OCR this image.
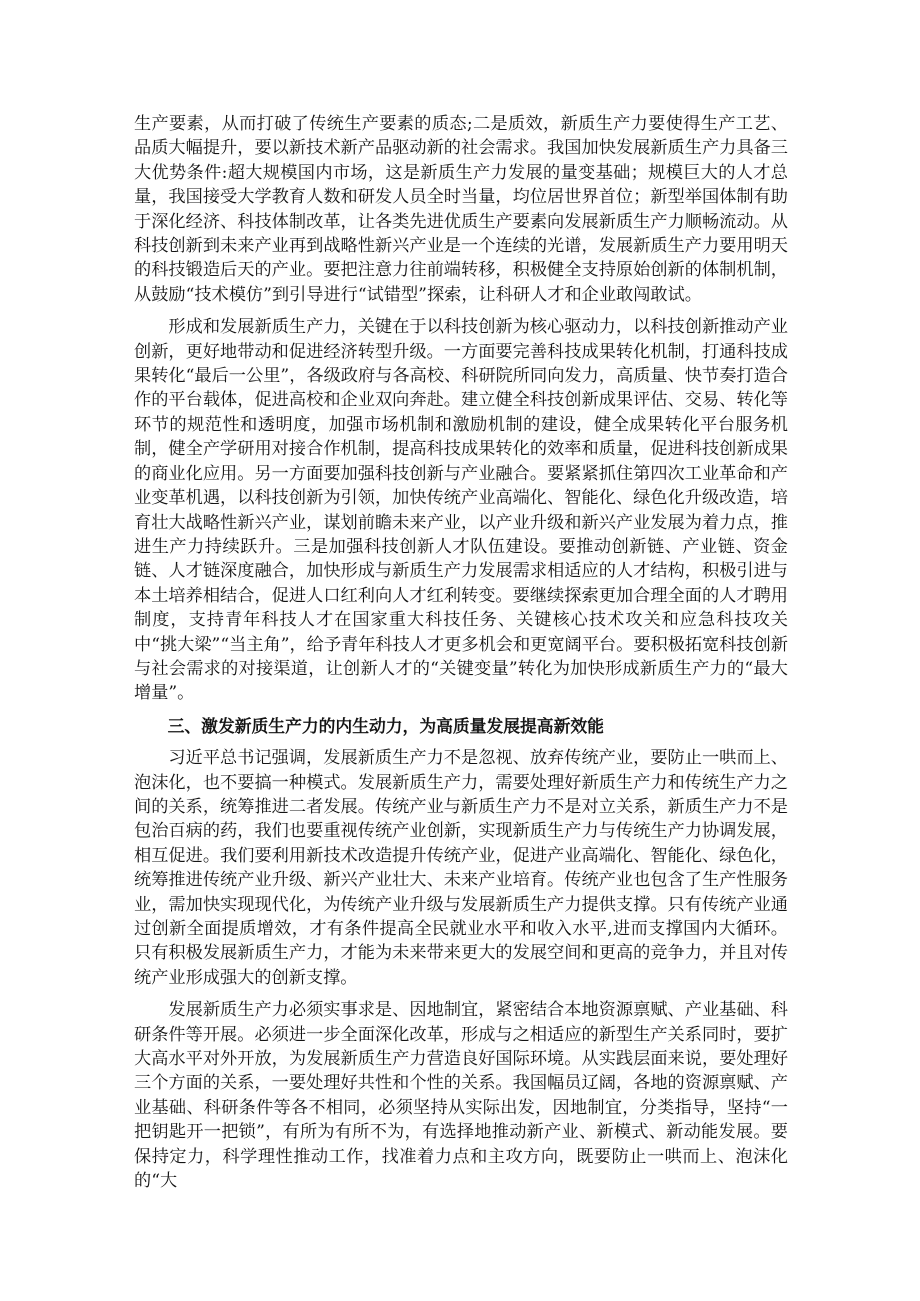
生产要素，从而打破了传统生产要素的质态;二是质效，新质生产力要使得生产工艺、品质大幅提升，要以新技术新产品驱动新的社会需求。我国加快发展新质生产力具备三大优势条件:超大规模国内市场，这是新质生产力发展的量变基础；规模巨大的人才总量，我国接受大学教育人数和研发人员全时当量，均位居世界首位；新型举国体制有助于深化经济、科技体制改革，让各类先进优质生产要素向发展新质生产力顺畅流动。从科技创新到未来产业再到战略性新兴产业是一个连续的光谱，发展新质生产力要用明天的科技锻造后天的产业。要把注意力往前端转移，积极健全支持原始创新的体制机制，从鼓励“技术模仿”到引导进行“试错型”探索，让科研人才和企业敢闯敢试。

形成和发展新质生产力，关键在于以科技创新为核心驱动力，以科技创新推动产业创新，更好地带动和促进经济转型升级。一方面要完善科技成果转化机制，打通科技成果转化“最后一公里”，各级政府与各高校、科研院所同向发力，高质量、快节奏打造合作的平台载体，促进高校和企业双向奔赴。建立健全科技创新成果评估、交易、转化等环节的规范性和透明度，加强市场机制和激励机制的建设，健全成果转化平台服务机制，健全产学研用对接合作机制，提高科技成果转化的效率和质量，促进科技创新成果的商业化应用。另一方面要加强科技创新与产业融合。要紧紧抓住第四次工业革命和产业变革机遇，以科技创新为引领，加快传统产业高端化、智能化、绿色化升级改造，培育壮大战略性新兴产业，谋划前瞻未来产业，以产业升级和新兴产业发展为着力点，推进生产力持续跃升。三是加强科技创新人才队伍建设。要推动创新链、产业链、资金链、人才链深度融合，加快形成与新质生产力发展需求相适应的人才结构，积极引进与本土培养相结合，促进人口红利向人才红利转变。要继续探索更加合理全面的人才聘用制度，支持青年科技人才在国家重大科技任务、关键核心技术攻关和应急科技攻关中“挑大梁”“当主角”，给予青年科技人才更多机会和更宽阔平台。要积极拓宽科技创新与社会需求的对接渠道，让创新人才的“关键变量”转化为加快形成新质生产力的“最大增量”。

三、激发新质生产力的内生动力，为高质量发展提高新效能

习近平总书记强调，发展新质生产力不是忽视、放弃传统产业，要防止一哄而上、泡沫化，也不要搞一种模式。发展新质生产力，需要处理好新质生产力和传统生产力之间的关系，统筹推进二者发展。传统产业与新质生产力不是对立关系，新质生产力不是包治百病的药，我们也要重视传统产业创新，实现新质生产力与传统生产力协调发展，相互促进。我们要利用新技术改造提升传统产业，促进产业高端化、智能化、绿色化，统筹推进传统产业升级、新兴产业壮大、未来产业培育。传统产业也包含了生产性服务业，需加快实现现代化，为传统产业升级与发展新质生产力提供支撑。只有传统产业通过创新全面提质增效，才有条件提高全民就业水平和收入水平,进而支撑国内大循环。只有积极发展新质生产力，才能为未来带来更大的发展空间和更高的竞争力，并且对传统产业形成强大的创新支撑。

发展新质生产力必须实事求是、因地制宜，紧密结合本地资源禀赋、产业基础、科研条件等开展。必须进一步全面深化改革，形成与之相适应的新型生产关系同时，要扩大高水平对外开放，为发展新质生产力营造良好国际环境。从实践层面来说，要处理好三个方面的关系，一要处理好共性和个性的关系。我国幅员辽阔，各地的资源禀赋、产业基础、科研条件等各不相同，必须坚持从实际出发，因地制宜，分类指导，坚持“一把钥匙开一把锁”，有所为有所不为，有选择地推动新产业、新模式、新动能发展。要保持定力，科学理性推动工作，找准着力点和主攻方向，既要防止一哄而上、泡沫化的“大
